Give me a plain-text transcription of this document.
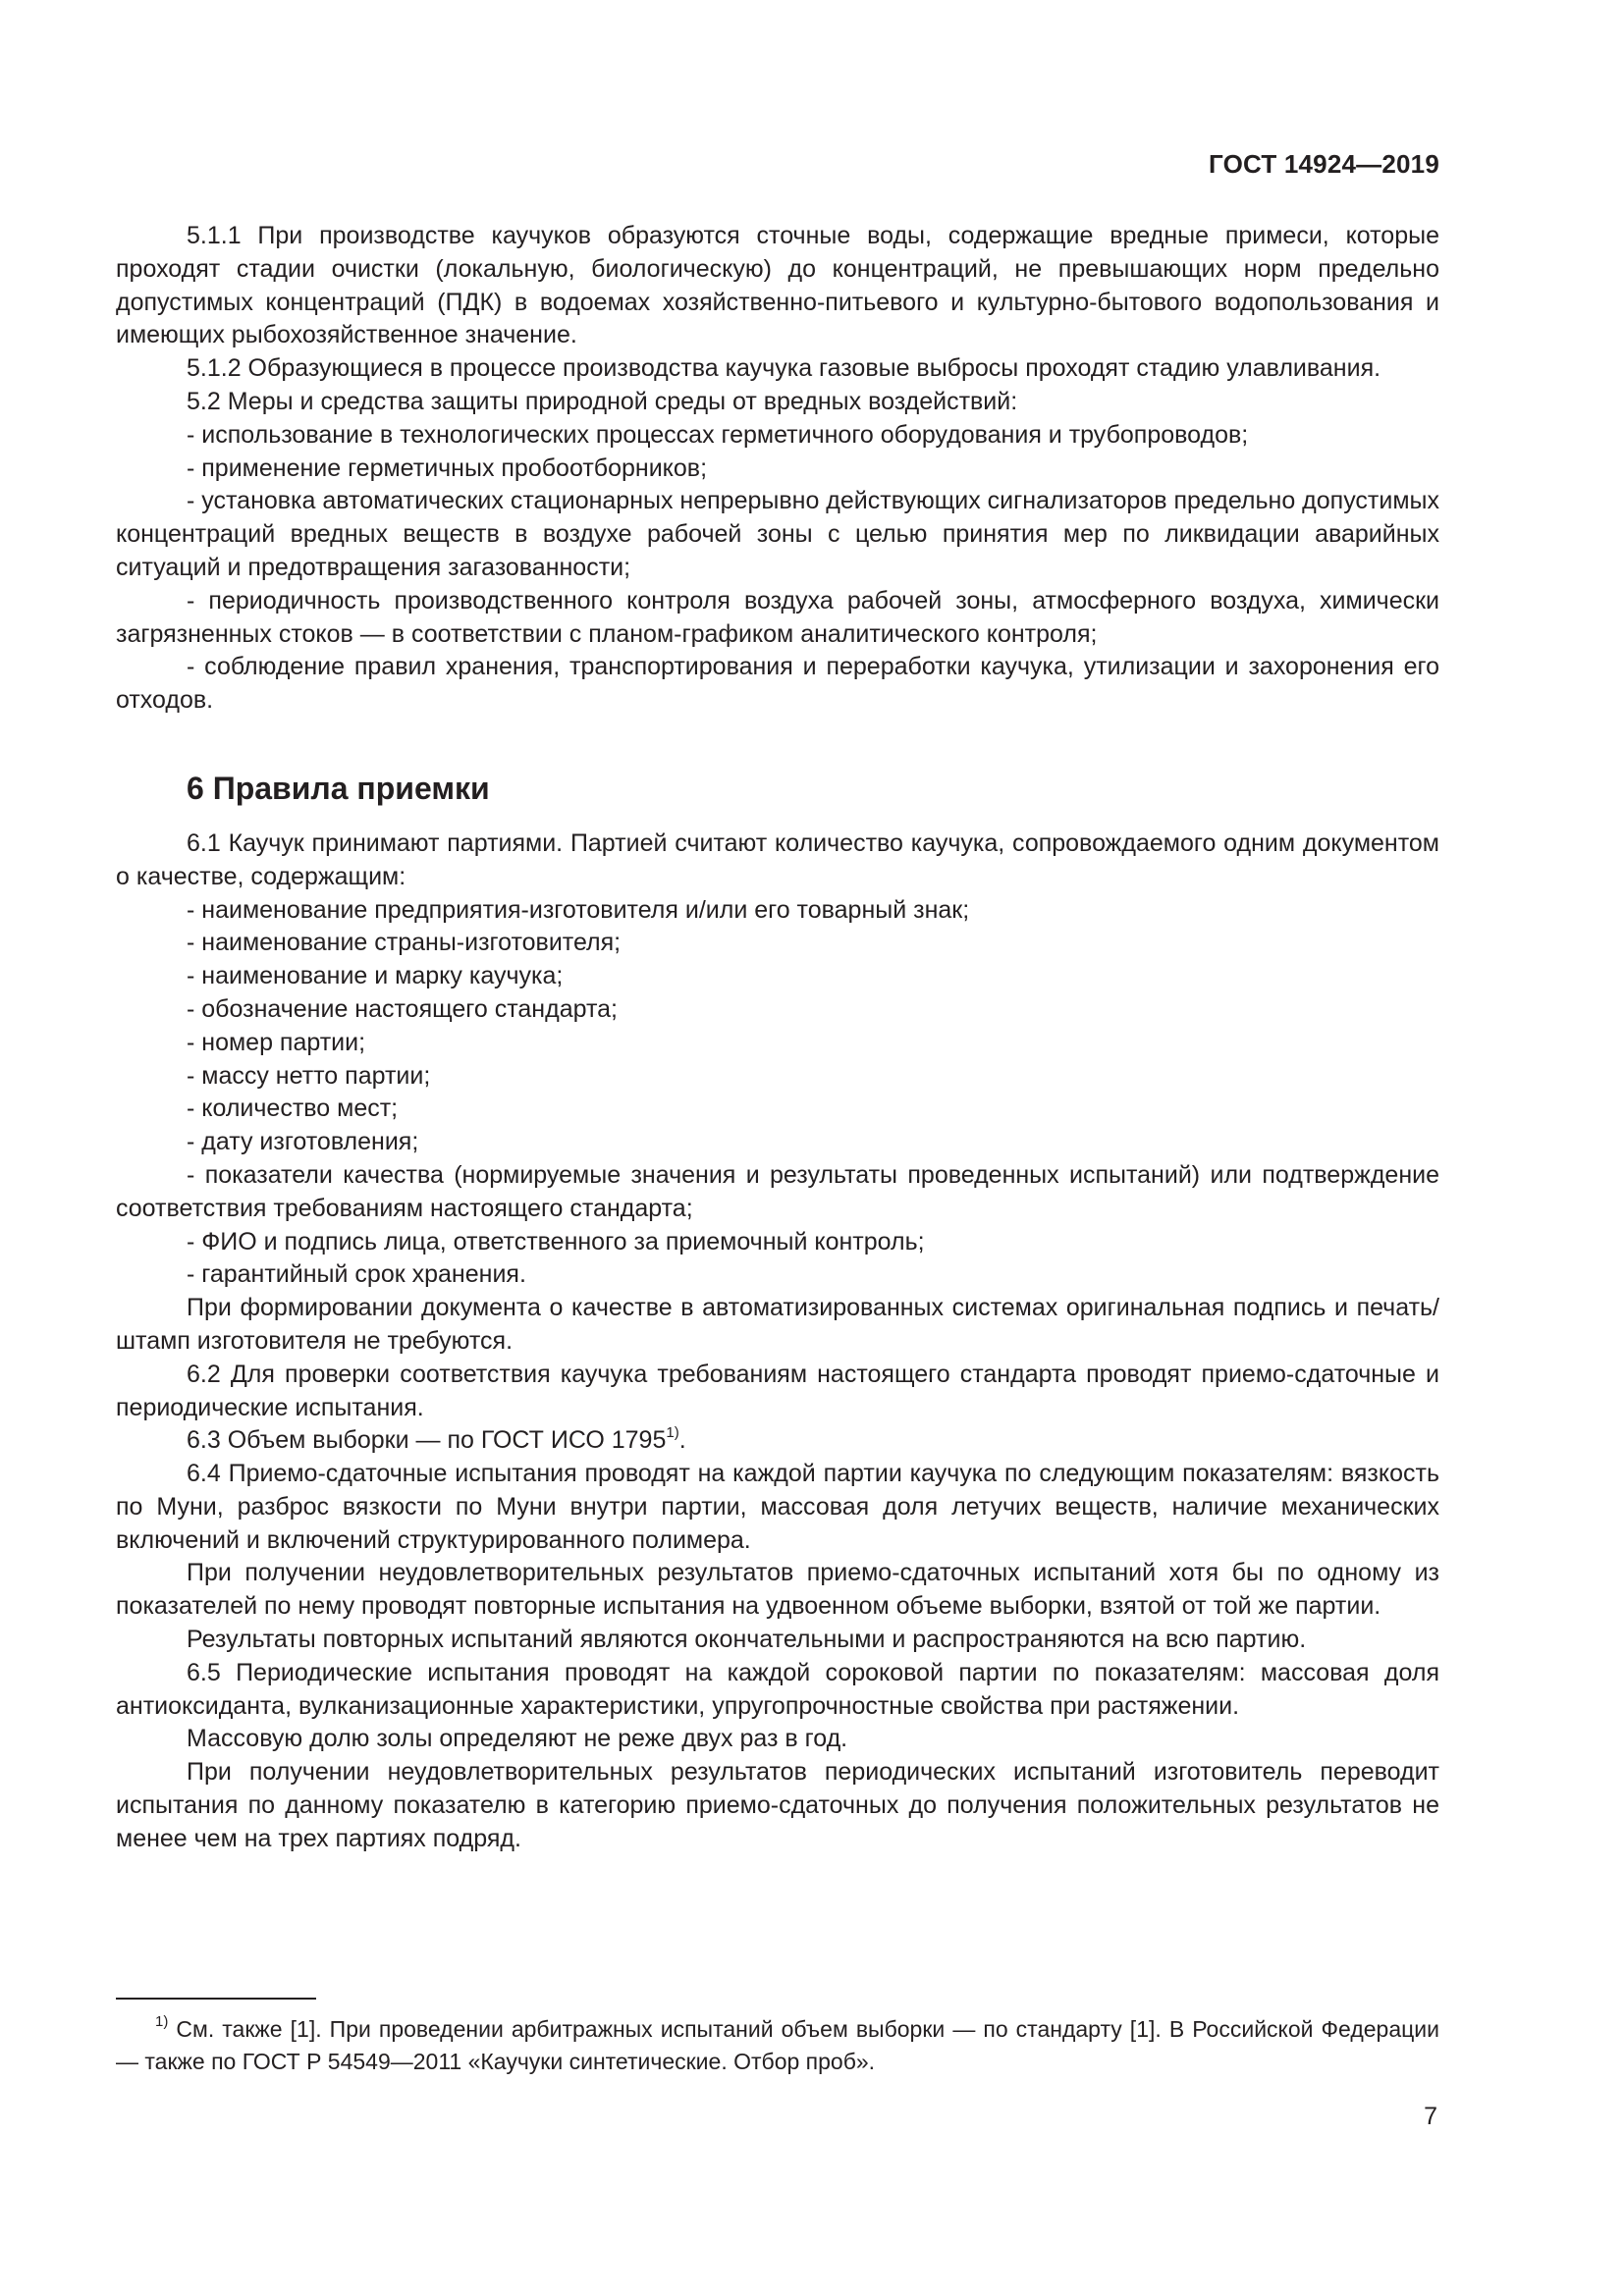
ГОСТ 14924—2019

5.1.1 При производстве каучуков образуются сточные воды, содержащие вредные примеси, которые проходят стадии очистки (локальную, биологическую) до концентраций, не превышающих норм предельно допустимых концентраций (ПДК) в водоемах хозяйственно-питьевого и культурно-бытового водопользования и имеющих рыбохозяйственное значение.

5.1.2 Образующиеся в процессе производства каучука газовые выбросы проходят стадию улавливания.

5.2 Меры и средства защиты природной среды от вредных воздействий:

- использование в технологических процессах герметичного оборудования и трубопроводов;

- применение герметичных пробоотборников;

- установка автоматических стационарных непрерывно действующих сигнализаторов предельно допустимых концентраций вредных веществ в воздухе рабочей зоны с целью принятия мер по ликвидации аварийных ситуаций и предотвращения загазованности;

- периодичность производственного контроля воздуха рабочей зоны, атмосферного воздуха, химически загрязненных стоков — в соответствии с планом-графиком аналитического контроля;

- соблюдение правил хранения, транспортирования и переработки каучука, утилизации и захоронения его отходов.

6 Правила приемки

6.1 Каучук принимают партиями. Партией считают количество каучука, сопровождаемого одним документом о качестве, содержащим:

- наименование предприятия-изготовителя и/или его товарный знак;

- наименование страны-изготовителя;

- наименование и марку каучука;

- обозначение настоящего стандарта;

- номер партии;

- массу нетто партии;

- количество мест;

- дату изготовления;

- показатели качества (нормируемые значения и результаты проведенных испытаний) или подтверждение соответствия требованиям настоящего стандарта;

- ФИО и подпись лица, ответственного за приемочный контроль;

- гарантийный срок хранения.

При формировании документа о качестве в автоматизированных системах оригинальная подпись и печать/штамп изготовителя не требуются.

6.2 Для проверки соответствия каучука требованиям настоящего стандарта проводят приемо-сдаточные и периодические испытания.

6.3 Объем выборки — по ГОСТ ИСО 1795$^{1)}$.

6.4 Приемо-сдаточные испытания проводят на каждой партии каучука по следующим показателям: вязкость по Муни, разброс вязкости по Муни внутри партии, массовая доля летучих веществ, наличие механических включений и включений структурированного полимера.

При получении неудовлетворительных результатов приемо-сдаточных испытаний хотя бы по одному из показателей по нему проводят повторные испытания на удвоенном объеме выборки, взятой от той же партии.

Результаты повторных испытаний являются окончательными и распространяются на всю партию.

6.5 Периодические испытания проводят на каждой сороковой партии по показателям: массовая доля антиоксиданта, вулканизационные характеристики, упругопрочностные свойства при растяжении.

Массовую долю золы определяют не реже двух раз в год.

При получении неудовлетворительных результатов периодических испытаний изготовитель переводит испытания по данному показателю в категорию приемо-сдаточных до получения положительных результатов не менее чем на трех партиях подряд.

$^{1)}$ См. также [1]. При проведении арбитражных испытаний объем выборки — по стандарту [1]. В Российской Федерации — также по ГОСТ Р 54549—2011 «Каучуки синтетические. Отбор проб».
7
